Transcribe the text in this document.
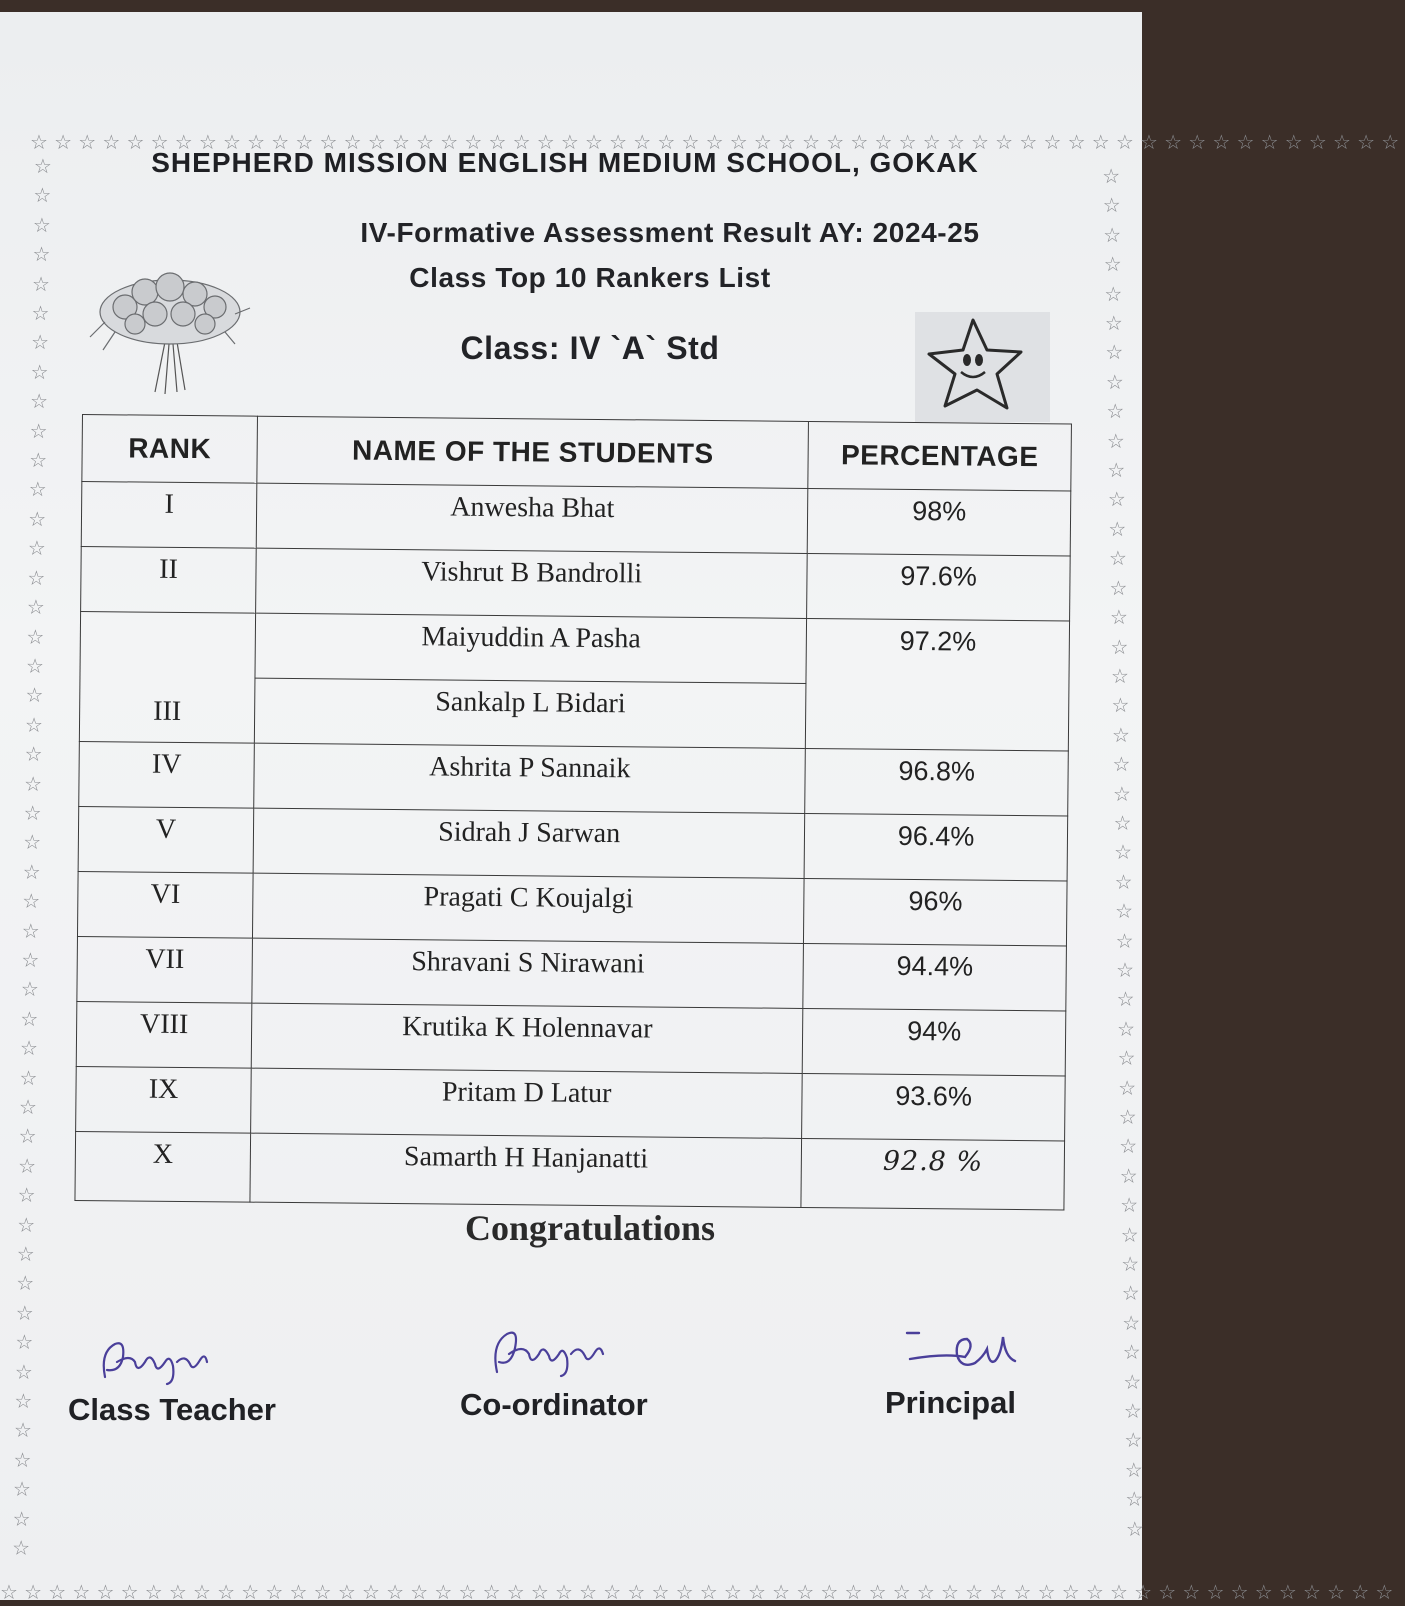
☆☆☆☆☆☆☆☆☆☆☆☆☆☆☆☆☆☆☆☆☆☆☆☆☆☆☆☆☆☆☆☆☆☆☆☆☆☆☆☆☆☆☆☆☆☆☆☆☆☆☆☆☆☆☆☆☆
☆☆☆☆☆☆☆☆☆☆☆☆☆☆☆☆☆☆☆☆☆☆☆☆☆☆☆☆☆☆☆☆☆☆☆☆☆☆☆☆☆☆☆☆☆☆☆☆☆☆☆☆☆☆☆☆☆☆
☆
☆
☆
☆
☆
☆
☆
☆
☆
☆
☆
☆
☆
☆
☆
☆
☆
☆
☆
☆
☆
☆
☆
☆
☆
☆
☆
☆
☆
☆
☆
☆
☆
☆
☆
☆
☆
☆
☆
☆
☆
☆
☆
☆
☆
☆
☆
☆

☆
☆
☆
☆
☆
☆
☆
☆
☆
☆
☆
☆
☆
☆
☆
☆
☆
☆
☆
☆
☆
☆
☆
☆
☆
☆
☆
☆
☆
☆
☆
☆
☆
☆
☆
☆
☆
☆
☆
☆
☆
☆
☆
☆
☆
☆
☆

SHEPHERD MISSION ENGLISH MEDIUM SCHOOL, GOKAK
IV-Formative Assessment Result AY: 2024-25
Class Top 10 Rankers List
Class: IV `A` Std
RANK	NAME OF THE STUDENTS	PERCENTAGE
I	Anwesha Bhat	98%
II	Vishrut B Bandrolli	97.6%
III	Maiyuddin A Pasha	97.2%
	Sankalp L Bidari	
IV	Ashrita P Sannaik	96.8%
V	Sidrah J Sarwan	96.4%
VI	Pragati C Koujalgi	96%
VII	Shravani S Nirawani	94.4%
VIII	Krutika K Holennavar	94%
IX	Pritam D Latur	93.6%
X	Samarth H Hanjanatti	92.8 %
Congratulations
Class Teacher	Co-ordinator	Principal
